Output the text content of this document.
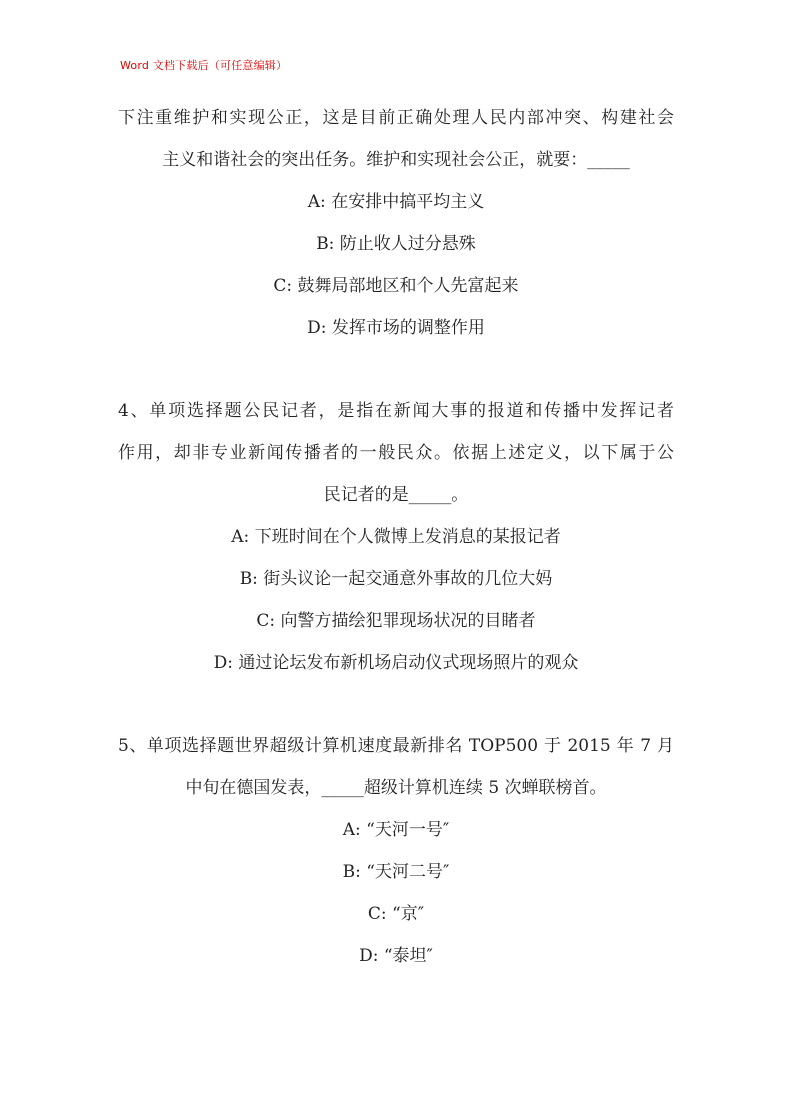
Word 文档下载后（可任意编辑）
下注重维护和实现公正，这是目前正确处理人民内部冲突、构建社会
主义和谐社会的突出任务。维护和实现社会公正，就要：_____
A: 在安排中搞平均主义
B: 防止收人过分悬殊
C: 鼓舞局部地区和个人先富起来
D: 发挥市场的调整作用
4、单项选择题公民记者，是指在新闻大事的报道和传播中发挥记者
作用，却非专业新闻传播者的一般民众。依据上述定义，以下属于公
民记者的是_____。
A: 下班时间在个人微博上发消息的某报记者
B: 街头议论一起交通意外事故的几位大妈
C: 向警方描绘犯罪现场状况的目睹者
D: 通过论坛发布新机场启动仪式现场照片的观众
5、单项选择题世界超级计算机速度最新排名 TOP500 于 2015 年 7 月
中旬在德国发表，_____超级计算机连续 5 次蝉联榜首。
A: “天河一号″
B: “天河二号″
C: “京″
D: “泰坦″
